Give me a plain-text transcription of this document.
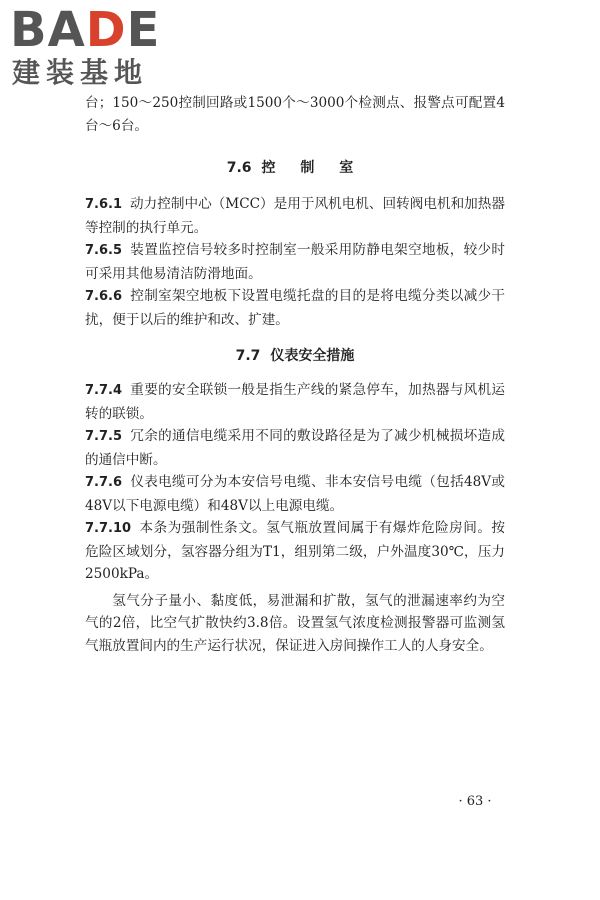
BADE
建装基地

台；150～250控制回路或1500个～3000个检测点、报警点可配置4台～6台。

7.6 控 制 室

7.6.1 动力控制中心（MCC）是用于风机电机、回转阀电机和加热器等控制的执行单元。

7.6.5 装置监控信号较多时控制室一般采用防静电架空地板，较少时可采用其他易清洁防滑地面。

7.6.6 控制室架空地板下设置电缆托盘的目的是将电缆分类以减少干扰，便于以后的维护和改、扩建。

7.7 仪表安全措施

7.7.4 重要的安全联锁一般是指生产线的紧急停车，加热器与风机运转的联锁。

7.7.5 冗余的通信电缆采用不同的敷设路径是为了减少机械损坏造成的通信中断。

7.7.6 仪表电缆可分为本安信号电缆、非本安信号电缆（包括48V或48V以下电源电缆）和48V以上电源电缆。

7.7.10 本条为强制性条文。氢气瓶放置间属于有爆炸危险房间。按危险区域划分，氢容器分组为T1，组别第二级，户外温度30℃，压力2500kPa。

氢气分子量小、黏度低，易泄漏和扩散，氢气的泄漏速率约为空气的2倍，比空气扩散快约3.8倍。设置氢气浓度检测报警器可监测氢气瓶放置间内的生产运行状况，保证进入房间操作工人的人身安全。

· 63 ·
